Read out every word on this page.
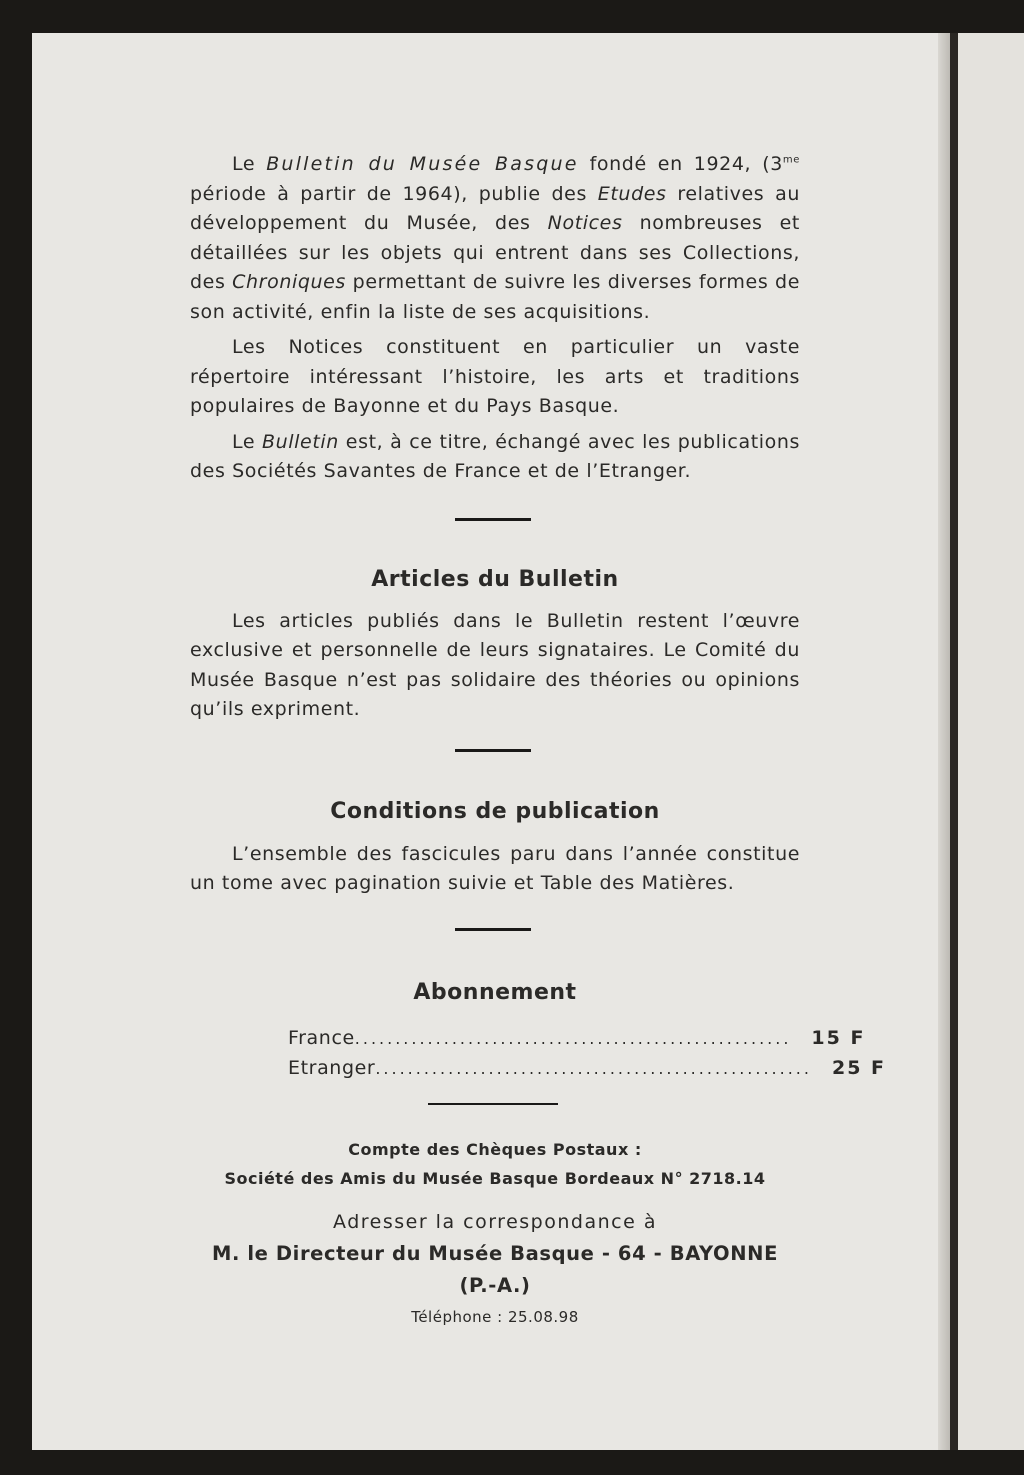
Le Bulletin du Musée Basque fondé en 1924, ($3^{me}$ période à partir de 1964), publie des Etudes relatives au développement du Musée, des Notices nombreuses et détaillées sur les objets qui entrent dans ses Collections, des Chroniques permettant de suivre les diverses formes de son activité, enfin la liste de ses acquisitions.

Les Notices constituent en particulier un vaste répertoire intéressant l’histoire, les arts et traditions populaires de Bayonne et du Pays Basque.

Le Bulletin est, à ce titre, échangé avec les publications des Sociétés Savantes de France et de l’Etranger.

Articles du Bulletin

Les articles publiés dans le Bulletin restent l’œuvre exclusive et personnelle de leurs signataires. Le Comité du Musée Basque n’est pas solidaire des théories ou opinions qu’ils expriment.

Conditions de publication

L’ensemble des fascicules paru dans l’année constitue un tome avec pagination suivie et Table des Matières.

Abonnement
France ...................................................... 15 F
Etranger ...................................................... 25 F
Compte des Chèques Postaux :
Société des Amis du Musée Basque Bordeaux N° 2718.14
Adresser la correspondance à
M. le Directeur du Musée Basque - 64 - BAYONNE (P.-A.)
Téléphone : 25.08.98
